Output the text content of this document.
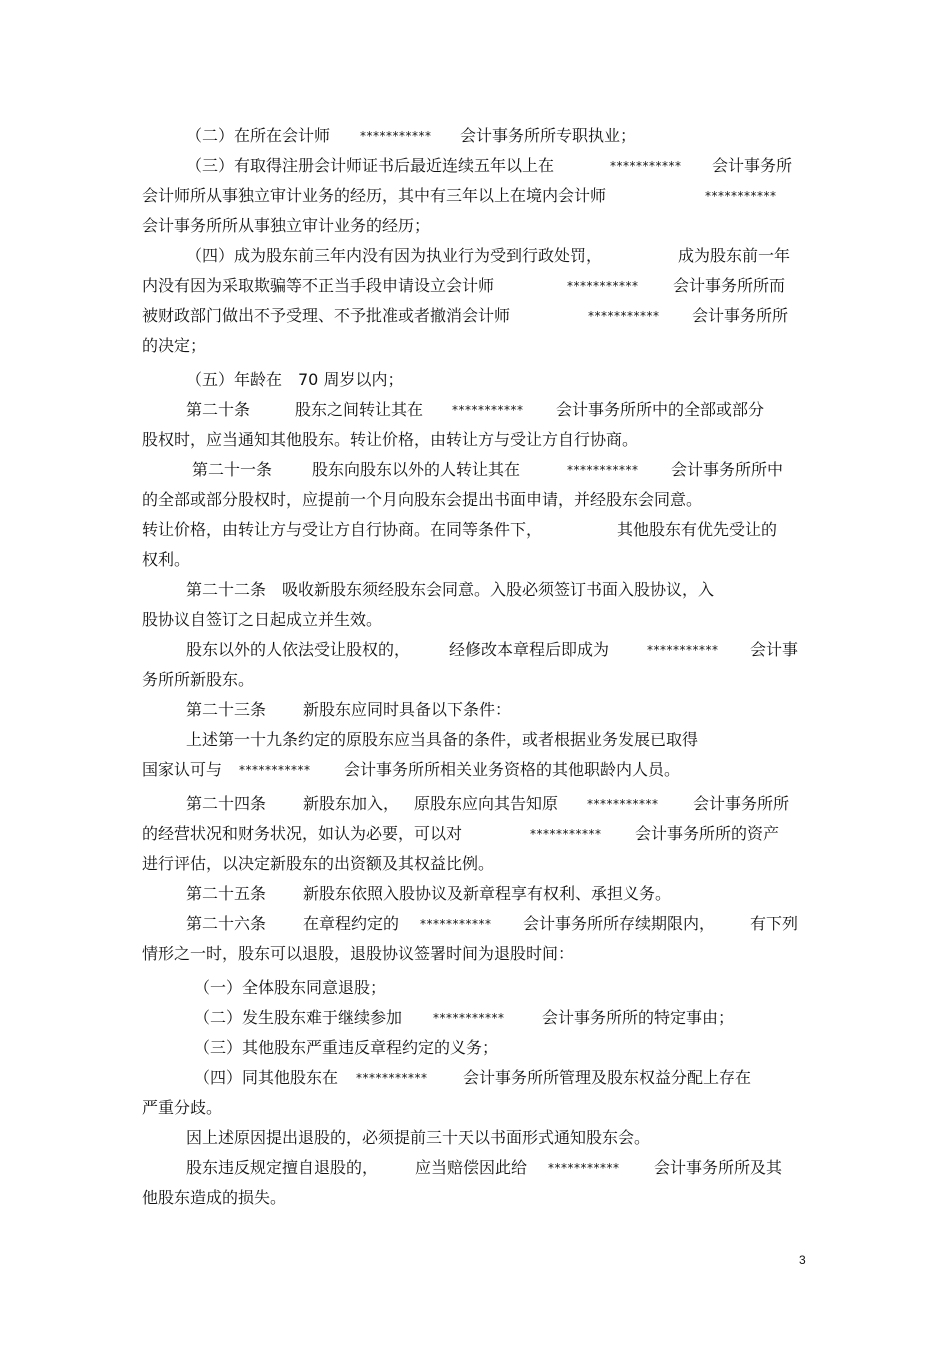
（二）在所在会计师 *********** 会计事务所所专职执业；
（三）有取得注册会计师证书后最近连续五年以上在	*********** 会计事务所
会计师所从事独立审计业务的经历，其中有三年以上在境内会计师	***********
会计事务所所从事独立审计业务的经历；
（四）成为股东前三年内没有因为执业行为受到行政处罚，	成为股东前一年
内没有因为采取欺骗等不正当手段申请设立会计师	*********** 会计事务所所而
被财政部门做出不予受理、不予批准或者撤消会计师	*********** 会计事务所所
的决定；
（五）年龄在 70 周岁以内；
第二十条	股东之间转让其在 *********** 会计事务所所中的全部或部分
股权时，应当通知其他股东。转让价格，由转让方与受让方自行协商。
第二十一条 股东向股东以外的人转让其在	*********** 会计事务所所中
的全部或部分股权时，应提前一个月向股东会提出书面申请，并经股东会同意。
转让价格，由转让方与受让方自行协商。在同等条件下，	其他股东有优先受让的
权利。
第二十二条　吸收新股东须经股东会同意。入股必须签订书面入股协议，入
股协议自签订之日起成立并生效。
股东以外的人依法受让股权的， 经修改本章程后即成为	*********** 会计事
务所所新股东。
第二十三条 新股东应同时具备以下条件：
上述第一十九条约定的原股东应当具备的条件，或者根据业务发展已取得
国家认可与 *********** 会计事务所所相关业务资格的其他职龄内人员。
第二十四条 新股东加入， 原股东应向其告知原 *********** 会计事务所所
的经营状况和财务状况，如认为必要，可以对	*********** 会计事务所所的资产
进行评估，以决定新股东的出资额及其权益比例。
第二十五条 新股东依照入股协议及新章程享有权利、承担义务。
第二十六条 在章程约定的 *********** 会计事务所所存续期限内， 有下列
情形之一时，股东可以退股，退股协议签署时间为退股时间：
（一）全体股东同意退股；
（二）发生股东难于继续参加	*********** 会计事务所所的特定事由；
（三）其他股东严重违反章程约定的义务；
（四）同其他股东在 *********** 会计事务所所管理及股东权益分配上存在
严重分歧。
因上述原因提出退股的，必须提前三十天以书面形式通知股东会。
股东违反规定擅自退股的， 应当赔偿因此给 *********** 会计事务所所及其
他股东造成的损失。
3
